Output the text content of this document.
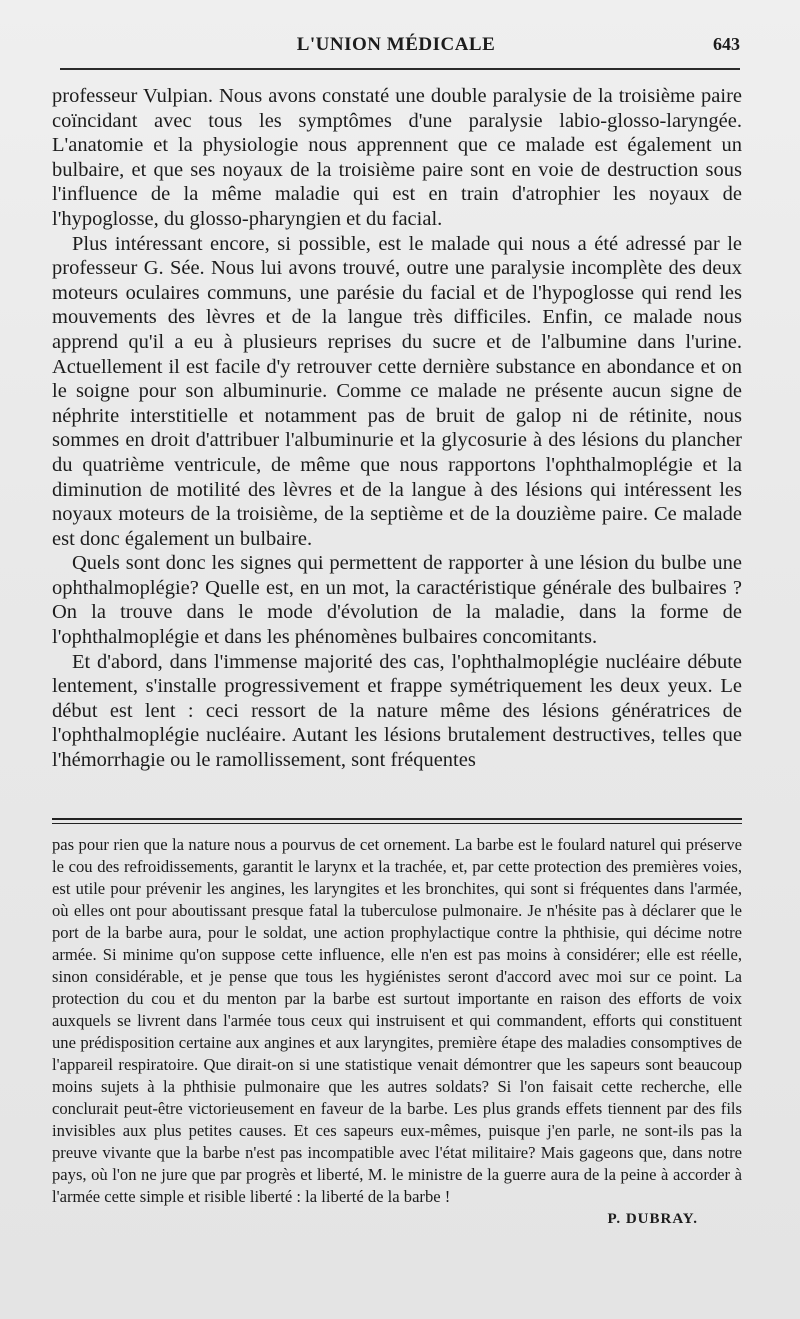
L'UNION MÉDICALE	643

professeur Vulpian. Nous avons constaté une double paralysie de la troisième paire coïncidant avec tous les symptômes d'une paralysie labio-glosso-laryngée. L'anatomie et la physiologie nous apprennent que ce malade est également un bulbaire, et que ses noyaux de la troisième paire sont en voie de destruction sous l'influence de la même maladie qui est en train d'atrophier les noyaux de l'hypoglosse, du glosso-pharyngien et du facial.

Plus intéressant encore, si possible, est le malade qui nous a été adressé par le professeur G. Sée. Nous lui avons trouvé, outre une paralysie incomplète des deux moteurs oculaires communs, une parésie du facial et de l'hypoglosse qui rend les mouvements des lèvres et de la langue très difficiles. Enfin, ce malade nous apprend qu'il a eu à plusieurs reprises du sucre et de l'albumine dans l'urine. Actuellement il est facile d'y retrouver cette dernière substance en abondance et on le soigne pour son albuminurie. Comme ce malade ne présente aucun signe de néphrite interstitielle et notamment pas de bruit de galop ni de rétinite, nous sommes en droit d'attribuer l'albuminurie et la glycosurie à des lésions du plancher du quatrième ventricule, de même que nous rapportons l'ophthalmoplégie et la diminution de motilité des lèvres et de la langue à des lésions qui intéressent les noyaux moteurs de la troisième, de la septième et de la douzième paire. Ce malade est donc également un bulbaire.

Quels sont donc les signes qui permettent de rapporter à une lésion du bulbe une ophthalmoplégie? Quelle est, en un mot, la caractéristique générale des bulbaires ? On la trouve dans le mode d'évolution de la maladie, dans la forme de l'ophthalmoplégie et dans les phénomènes bulbaires concomitants.

Et d'abord, dans l'immense majorité des cas, l'ophthalmoplégie nucléaire débute lentement, s'installe progressivement et frappe symétriquement les deux yeux. Le début est lent : ceci ressort de la nature même des lésions génératrices de l'ophthalmoplégie nucléaire. Autant les lésions brutalement destructives, telles que l'hémorrhagie ou le ramollissement, sont fréquentes

pas pour rien que la nature nous a pourvus de cet ornement. La barbe est le foulard naturel qui préserve le cou des refroidissements, garantit le larynx et la trachée, et, par cette protection des premières voies, est utile pour prévenir les angines, les laryngites et les bronchites, qui sont si fréquentes dans l'armée, où elles ont pour aboutissant presque fatal la tuberculose pulmonaire. Je n'hésite pas à déclarer que le port de la barbe aura, pour le soldat, une action prophylactique contre la phthisie, qui décime notre armée. Si minime qu'on suppose cette influence, elle n'en est pas moins à considérer; elle est réelle, sinon considérable, et je pense que tous les hygiénistes seront d'accord avec moi sur ce point. La protection du cou et du menton par la barbe est surtout importante en raison des efforts de voix auxquels se livrent dans l'armée tous ceux qui instruisent et qui commandent, efforts qui constituent une prédisposition certaine aux angines et aux laryngites, première étape des maladies consomptives de l'appareil respiratoire. Que dirait-on si une statistique venait démontrer que les sapeurs sont beaucoup moins sujets à la phthisie pulmonaire que les autres soldats? Si l'on faisait cette recherche, elle conclurait peut-être victorieusement en faveur de la barbe. Les plus grands effets tiennent par des fils invisibles aux plus petites causes. Et ces sapeurs eux-mêmes, puisque j'en parle, ne sont-ils pas la preuve vivante que la barbe n'est pas incompatible avec l'état militaire? Mais gageons que, dans notre pays, où l'on ne jure que par progrès et liberté, M. le ministre de la guerre aura de la peine à accorder à l'armée cette simple et risible liberté : la liberté de la barbe !

P. DUBRAY.
